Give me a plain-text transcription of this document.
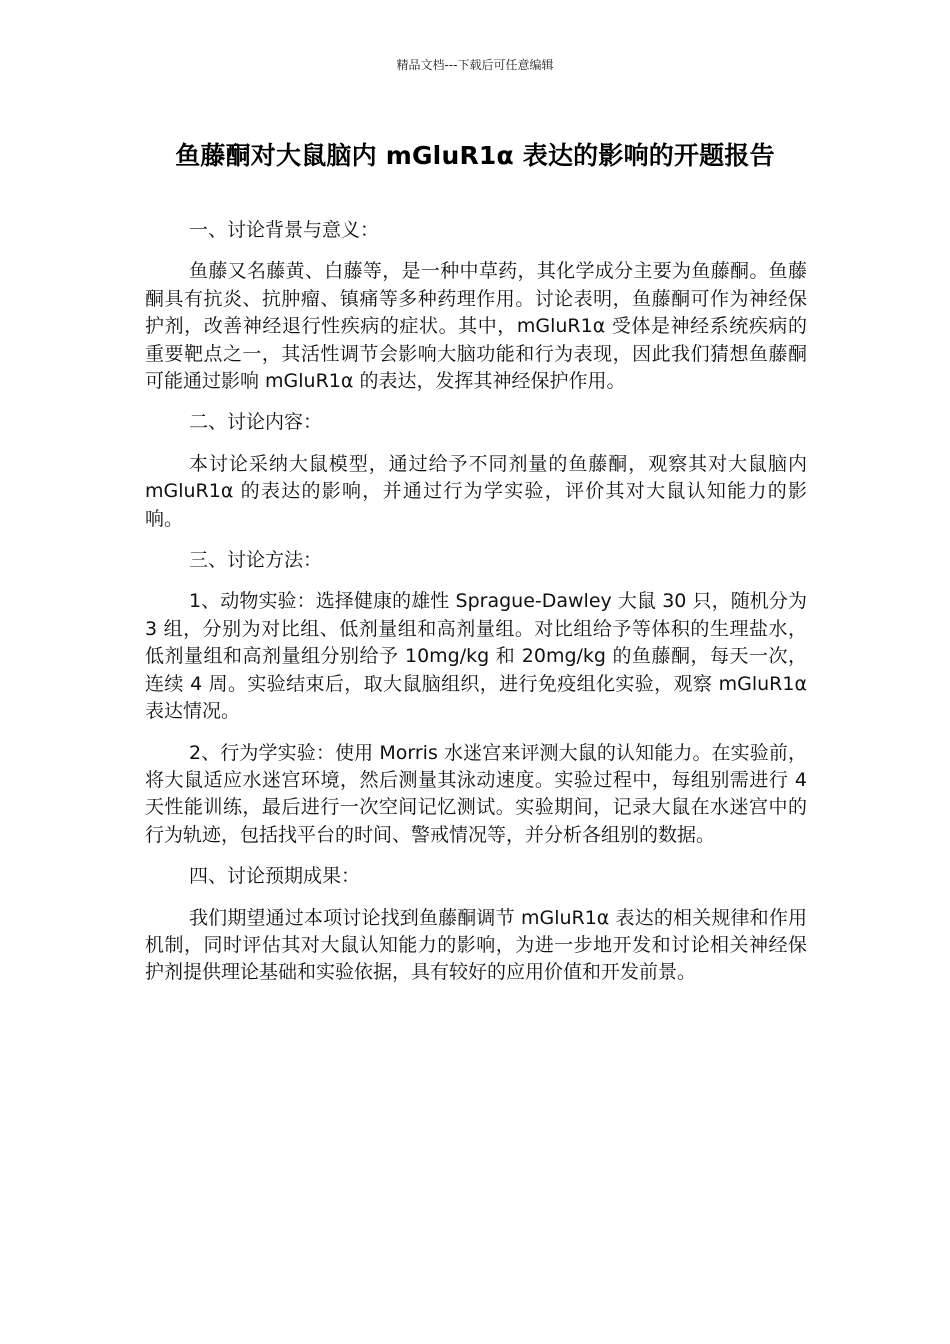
精品文档---下载后可任意编辑
鱼藤酮对大鼠脑内 mGluR1α 表达的影响的开题报告

一、讨论背景与意义：

鱼藤又名藤黄、白藤等，是一种中草药，其化学成分主要为鱼藤酮。鱼藤酮具有抗炎、抗肿瘤、镇痛等多种药理作用。讨论表明，鱼藤酮可作为神经保护剂，改善神经退行性疾病的症状。其中，mGluR1α 受体是神经系统疾病的重要靶点之一，其活性调节会影响大脑功能和行为表现，因此我们猜想鱼藤酮可能通过影响 mGluR1α 的表达，发挥其神经保护作用。

二、讨论内容：

本讨论采纳大鼠模型，通过给予不同剂量的鱼藤酮，观察其对大鼠脑内 mGluR1α 的表达的影响，并通过行为学实验，评价其对大鼠认知能力的影响。

三、讨论方法：

1、动物实验：选择健康的雄性 Sprague-Dawley 大鼠 30 只，随机分为 3 组，分别为对比组、低剂量组和高剂量组。对比组给予等体积的生理盐水，低剂量组和高剂量组分别给予 10mg/kg 和 20mg/kg 的鱼藤酮，每天一次，连续 4 周。实验结束后，取大鼠脑组织，进行免疫组化实验，观察 mGluR1α 表达情况。

2、行为学实验：使用 Morris 水迷宫来评测大鼠的认知能力。在实验前，将大鼠适应水迷宫环境，然后测量其泳动速度。实验过程中，每组别需进行 4 天性能训练，最后进行一次空间记忆测试。实验期间，记录大鼠在水迷宫中的行为轨迹，包括找平台的时间、警戒情况等，并分析各组别的数据。

四、讨论预期成果：

我们期望通过本项讨论找到鱼藤酮调节 mGluR1α 表达的相关规律和作用机制，同时评估其对大鼠认知能力的影响，为进一步地开发和讨论相关神经保护剂提供理论基础和实验依据，具有较好的应用价值和开发前景。
